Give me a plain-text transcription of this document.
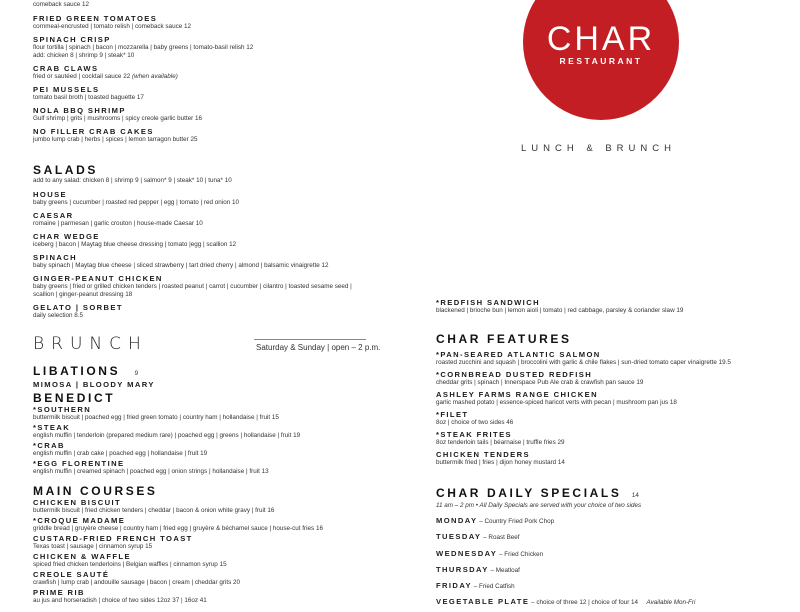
CHAR
RESTAURANT
LUNCH & BRUNCH

comeback sauce 12

FRIED GREEN TOMATOES

cornmeal-encrusted | tomato relish | comeback sauce 12

SPINACH CRISP

flour tortilla | spinach | bacon | mozzarella | baby greens | tomato-basil relish 12

add: chicken 8 | shrimp 9 | steak* 10

CRAB CLAWS

fried or sautéed | cocktail sauce 22 (when available)

PEI MUSSELS

tomato basil broth | toasted baguette 17

NOLA BBQ SHRIMP

Gulf shrimp | grits | mushrooms | spicy creole garlic butter 16

NO FILLER CRAB CAKES

jumbo lump crab | herbs | spices | lemon tarragon butter 25

SALADS

add to any salad: chicken 8 | shrimp 9 | salmon* 9 | steak* 10 | tuna* 10

HOUSE

baby greens | cucumber | roasted red pepper | egg | tomato | red onion 10

CAESAR

romaine | parmesan | garlic crouton | house-made Caesar 10

CHAR WEDGE

iceberg | bacon | Maytag blue cheese dressing | tomato |egg | scallion 12

SPINACH

baby spinach | Maytag blue cheese | sliced strawberry | tart dried cherry | almond | balsamic vinaigrette 12

GINGER-PEANUT CHICKEN

baby greens | fried or grilled chicken tenders | roasted peanut | carrot | cucumber | cilantro | toasted sesame seed |

scallion | ginger-peanut dressing 18

GELATO | SORBET

daily selection 8.5

BRUNCH	Saturday & Sunday | open – 2 p.m.
LIBATIONS 9

MIMOSA | BLOODY MARY

BENEDICT

*SOUTHERN

buttermilk biscuit | poached egg | fried green tomato | country ham | hollandaise | fruit 15

*STEAK

english muffin | tenderloin (prepared medium rare) | poached egg | greens | hollandaise | fruit 19

*CRAB

english muffin | crab cake | poached egg | hollandaise | fruit 19

*EGG FLORENTINE

english muffin | creamed spinach | poached egg | onion strings | hollandaise | fruit 13

MAIN COURSES

CHICKEN BISCUIT

buttermilk biscuit | fried chicken tenders | cheddar | bacon & onion white gravy | fruit 16

*CROQUE MADAME

griddle bread | gruyère cheese | country ham | fried egg | gruyère & béchamel sauce | house-cut fries 16

CUSTARD-FRIED FRENCH TOAST

Texas toast | sausage | cinnamon syrup 15

CHICKEN & WAFFLE

spiced fried chicken tenderloins | Belgian waffles | cinnamon syrup 15

CREOLE SAUTÉ

crawfish | lump crab | andouille sausage | bacon | cream | cheddar grits 20

PRIME RIB

au jus and horseradish | choice of two sides 12oz 37 | 16oz 41

*REDFISH SANDWICH

blackened | brioche bun | lemon aioli | tomato | red cabbage, parsley & coriander slaw 19

CHAR FEATURES

*PAN-SEARED ATLANTIC SALMON

roasted zucchini and squash | broccolini with garlic & chile flakes | sun-dried tomato caper vinaigrette 19.5

*CORNBREAD DUSTED REDFISH

cheddar grits | spinach | Innerspace Pub Ale crab & crawfish pan sauce 19

ASHLEY FARMS RANGE CHICKEN

garlic mashed potato | essence-spiced haricot verts with pecan | mushroom pan jus 18

*FILET

8oz | choice of two sides 46

*STEAK FRITES

8oz tenderloin tails | béarnaise | truffle fries 29

CHICKEN TENDERS

buttermilk fried | fries | dijon honey mustard 14

CHAR DAILY SPECIALS 14

11 am – 2 pm • All Daily Specials are served with your choice of two sides

MONDAY – Country Fried Pork Chop
TUESDAY – Roast Beef
WEDNESDAY – Fried Chicken
THURSDAY – Meatloaf
FRIDAY – Fried Catfish
VEGETABLE PLATE – choice of three 12 | choice of four 14 Available Mon-Fri
